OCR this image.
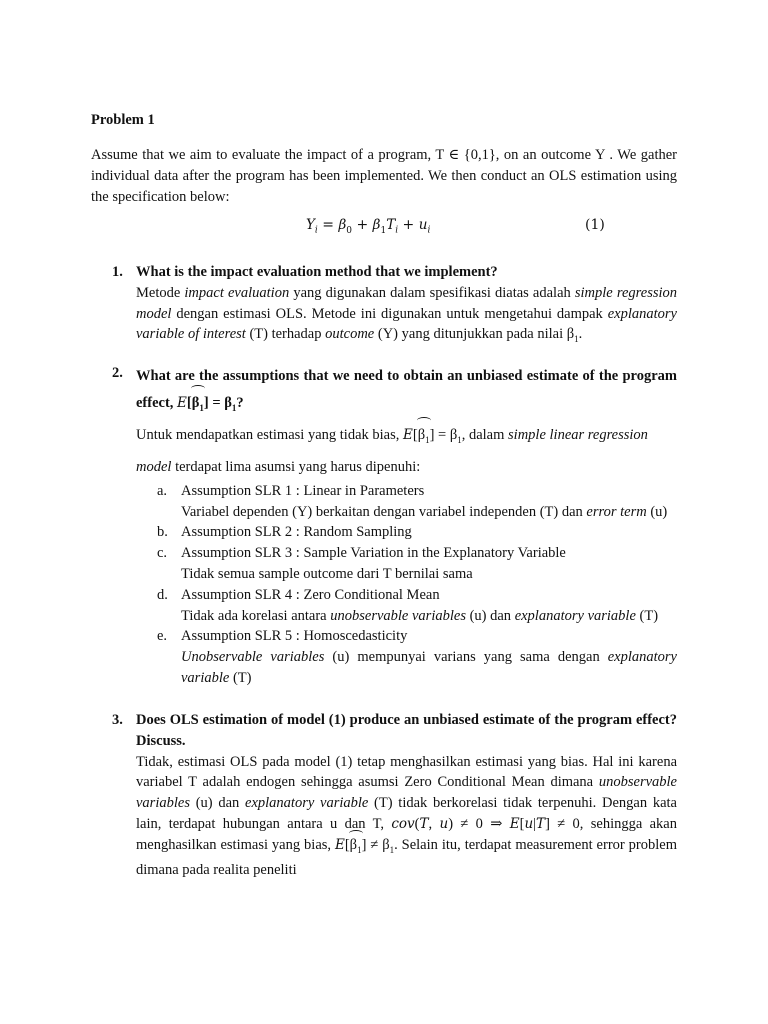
Problem 1
Assume that we aim to evaluate the impact of a program, T ∈ {0,1}, on an outcome Y . We gather individual data after the program has been implemented. We then conduct an OLS estimation using the specification below:
$Y_i = \beta_0 + \beta_1T_i + u_i$	(1)
1. What is the impact evaluation method that we implement?
Metode impact evaluation yang digunakan dalam spesifikasi diatas adalah simple regression model dengan estimasi OLS. Metode ini digunakan untuk mengetahui dampak explanatory variable of interest (T) terhadap outcome (Y) yang ditunjukkan pada nilai $\beta_1$.
2. What are the assumptions that we need to obtain an unbiased estimate of the program effect, $E[\beta_1] = \beta_1$?
Untuk mendapatkan estimasi yang tidak bias, $E[\beta_1] = \beta_1$, dalam simple linear regression model terdapat lima asumsi yang harus dipenuhi:
a. Assumption SLR 1 : Linear in Parameters
Variabel dependen (Y) berkaitan dengan variabel independen (T) dan error term (u)
b. Assumption SLR 2 : Random Sampling
c. Assumption SLR 3 : Sample Variation in the Explanatory Variable
Tidak semua sample outcome dari T bernilai sama
d. Assumption SLR 4 : Zero Conditional Mean
Tidak ada korelasi antara unobservable variables (u) dan explanatory variable (T)
e. Assumption SLR 5 : Homoscedasticity
Unobservable variables (u) mempunyai varians yang sama dengan explanatory variable (T)
3. Does OLS estimation of model (1) produce an unbiased estimate of the program effect? Discuss.
Tidak, estimasi OLS pada model (1) tetap menghasilkan estimasi yang bias. Hal ini karena variabel T adalah endogen sehingga asumsi Zero Conditional Mean dimana unobservable variables (u) dan explanatory variable (T) tidak berkorelasi tidak terpenuhi. Dengan kata lain, terdapat hubungan antara u dan T, cov(T, u) ≠ 0 ⇒ E[u|T] ≠ 0, sehingga akan menghasilkan estimasi yang bias, $E[\beta_1] \ne \beta_1$. Selain itu, terdapat measurement error problem dimana pada realita peneliti
